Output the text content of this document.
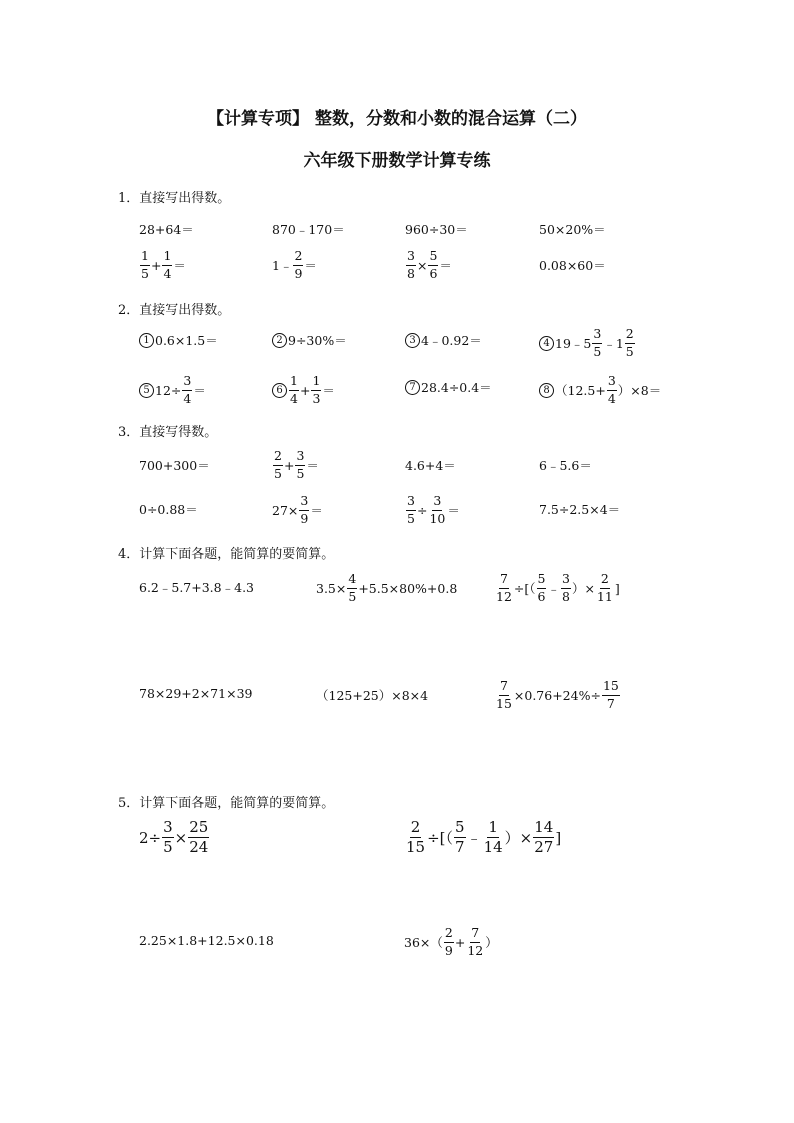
【计算专项】 整数，分数和小数的混合运算（二）
六年级下册数学计算专练
1．直接写出得数。
28+64＝	870﹣170＝	960÷30＝	50×20%＝
$\frac{1}{5} + \frac{1}{4}$ ＝	1﹣ $\frac{2}{9}$ ＝	$\frac{3}{8} \times \frac{5}{6}$ ＝	0.08×60＝
2．直接写出得数。
1 0.6×1.5＝	2 9÷30%＝	3 4﹣0.92＝	4 19﹣5 $\frac{3}{5}$ ﹣1 $\frac{2}{5}$
5 $12\div \frac{3}{4}$ ＝	$6 \frac{1}{4} + \frac{1}{3}$ ＝	7 28.4÷0.4＝	8 $(12.5+ \frac{3}{4} )\times 8=$
3．直接写得数。
700+300＝	$\frac{2}{5} + \frac{3}{5}$ ＝	4.6+4＝	6﹣5.6＝
0÷0.88＝	$27\times \frac{3}{9}$ ＝	$\frac{3}{5} \div \frac{3}{10}$ ＝	7.5÷2.5×4＝
4．计算下面各题，能简算的要简算。
6.2﹣5.7+3.8﹣4.3	$3.5\times \frac{4}{5} +5.5\times 80\%+0.8$	$\frac{7}{12}$ ÷[（ $\frac{5}{6}$ ﹣ $\frac{3}{8}$ ）× $\frac{2}{11}$ ]
78×29+2×71×39	（125+25）×8×4	$\frac{7}{15} \times 0.76+24\%\div \frac{15}{7}$
5．计算下面各题，能简算的要简算。
$2\div \frac{3}{5} \times \frac{25}{24}$	$\frac{2}{15}$ ÷[（ $\frac{5}{7}$ ﹣ $\frac{1}{14}$ ）× $\frac{14}{27}$ ]
2.25×1.8+12.5×0.18	$36\times( \frac{2}{9} + \frac{7}{12}$ ）
